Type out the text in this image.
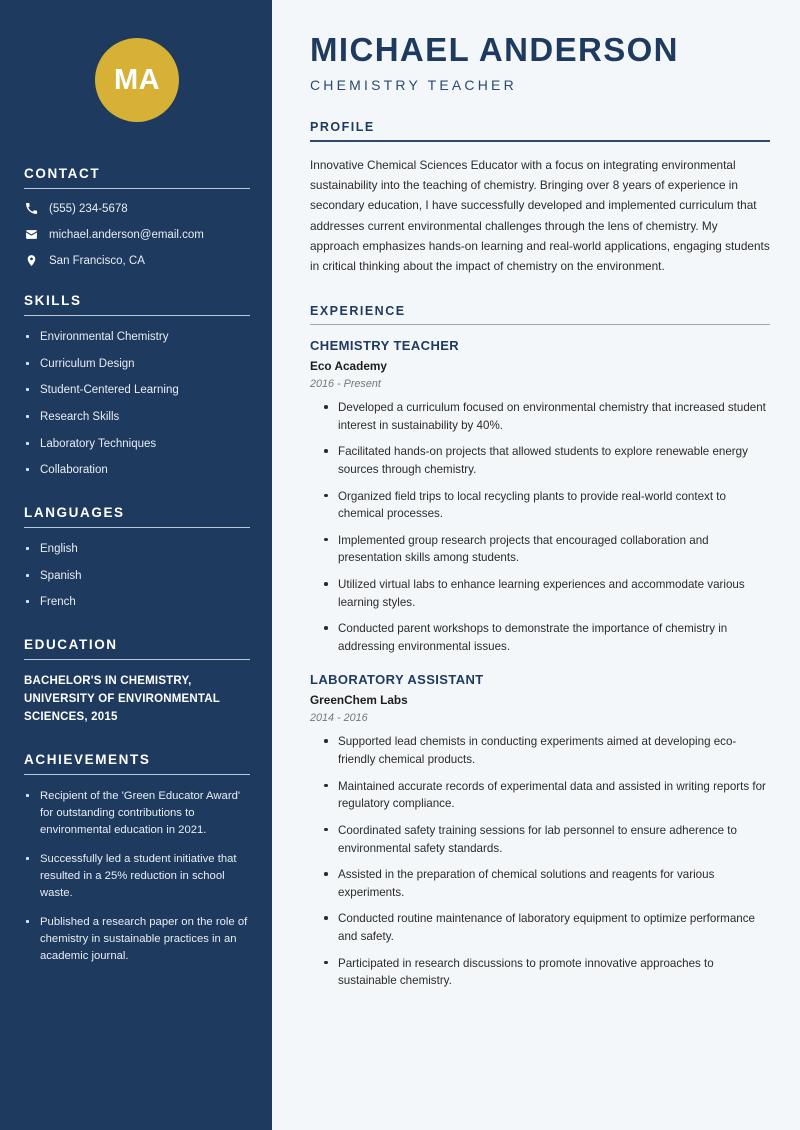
MA
CONTACT
(555) 234-5678
michael.anderson@email.com
San Francisco, CA
SKILLS
Environmental Chemistry
Curriculum Design
Student-Centered Learning
Research Skills
Laboratory Techniques
Collaboration
LANGUAGES
English
Spanish
French
EDUCATION
BACHELOR'S IN CHEMISTRY, UNIVERSITY OF ENVIRONMENTAL SCIENCES, 2015
ACHIEVEMENTS
Recipient of the 'Green Educator Award' for outstanding contributions to environmental education in 2021.
Successfully led a student initiative that resulted in a 25% reduction in school waste.
Published a research paper on the role of chemistry in sustainable practices in an academic journal.
MICHAEL ANDERSON
CHEMISTRY TEACHER
PROFILE

Innovative Chemical Sciences Educator with a focus on integrating environmental sustainability into the teaching of chemistry. Bringing over 8 years of experience in secondary education, I have successfully developed and implemented curriculum that addresses current environmental challenges through the lens of chemistry. My approach emphasizes hands-on learning and real-world applications, engaging students in critical thinking about the impact of chemistry on the environment.

EXPERIENCE
CHEMISTRY TEACHER
Eco Academy
2016 - Present
Developed a curriculum focused on environmental chemistry that increased student interest in sustainability by 40%.
Facilitated hands-on projects that allowed students to explore renewable energy sources through chemistry.
Organized field trips to local recycling plants to provide real-world context to chemical processes.
Implemented group research projects that encouraged collaboration and presentation skills among students.
Utilized virtual labs to enhance learning experiences and accommodate various learning styles.
Conducted parent workshops to demonstrate the importance of chemistry in addressing environmental issues.
LABORATORY ASSISTANT
GreenChem Labs
2014 - 2016
Supported lead chemists in conducting experiments aimed at developing eco-friendly chemical products.
Maintained accurate records of experimental data and assisted in writing reports for regulatory compliance.
Coordinated safety training sessions for lab personnel to ensure adherence to environmental safety standards.
Assisted in the preparation of chemical solutions and reagents for various experiments.
Conducted routine maintenance of laboratory equipment to optimize performance and safety.
Participated in research discussions to promote innovative approaches to sustainable chemistry.
